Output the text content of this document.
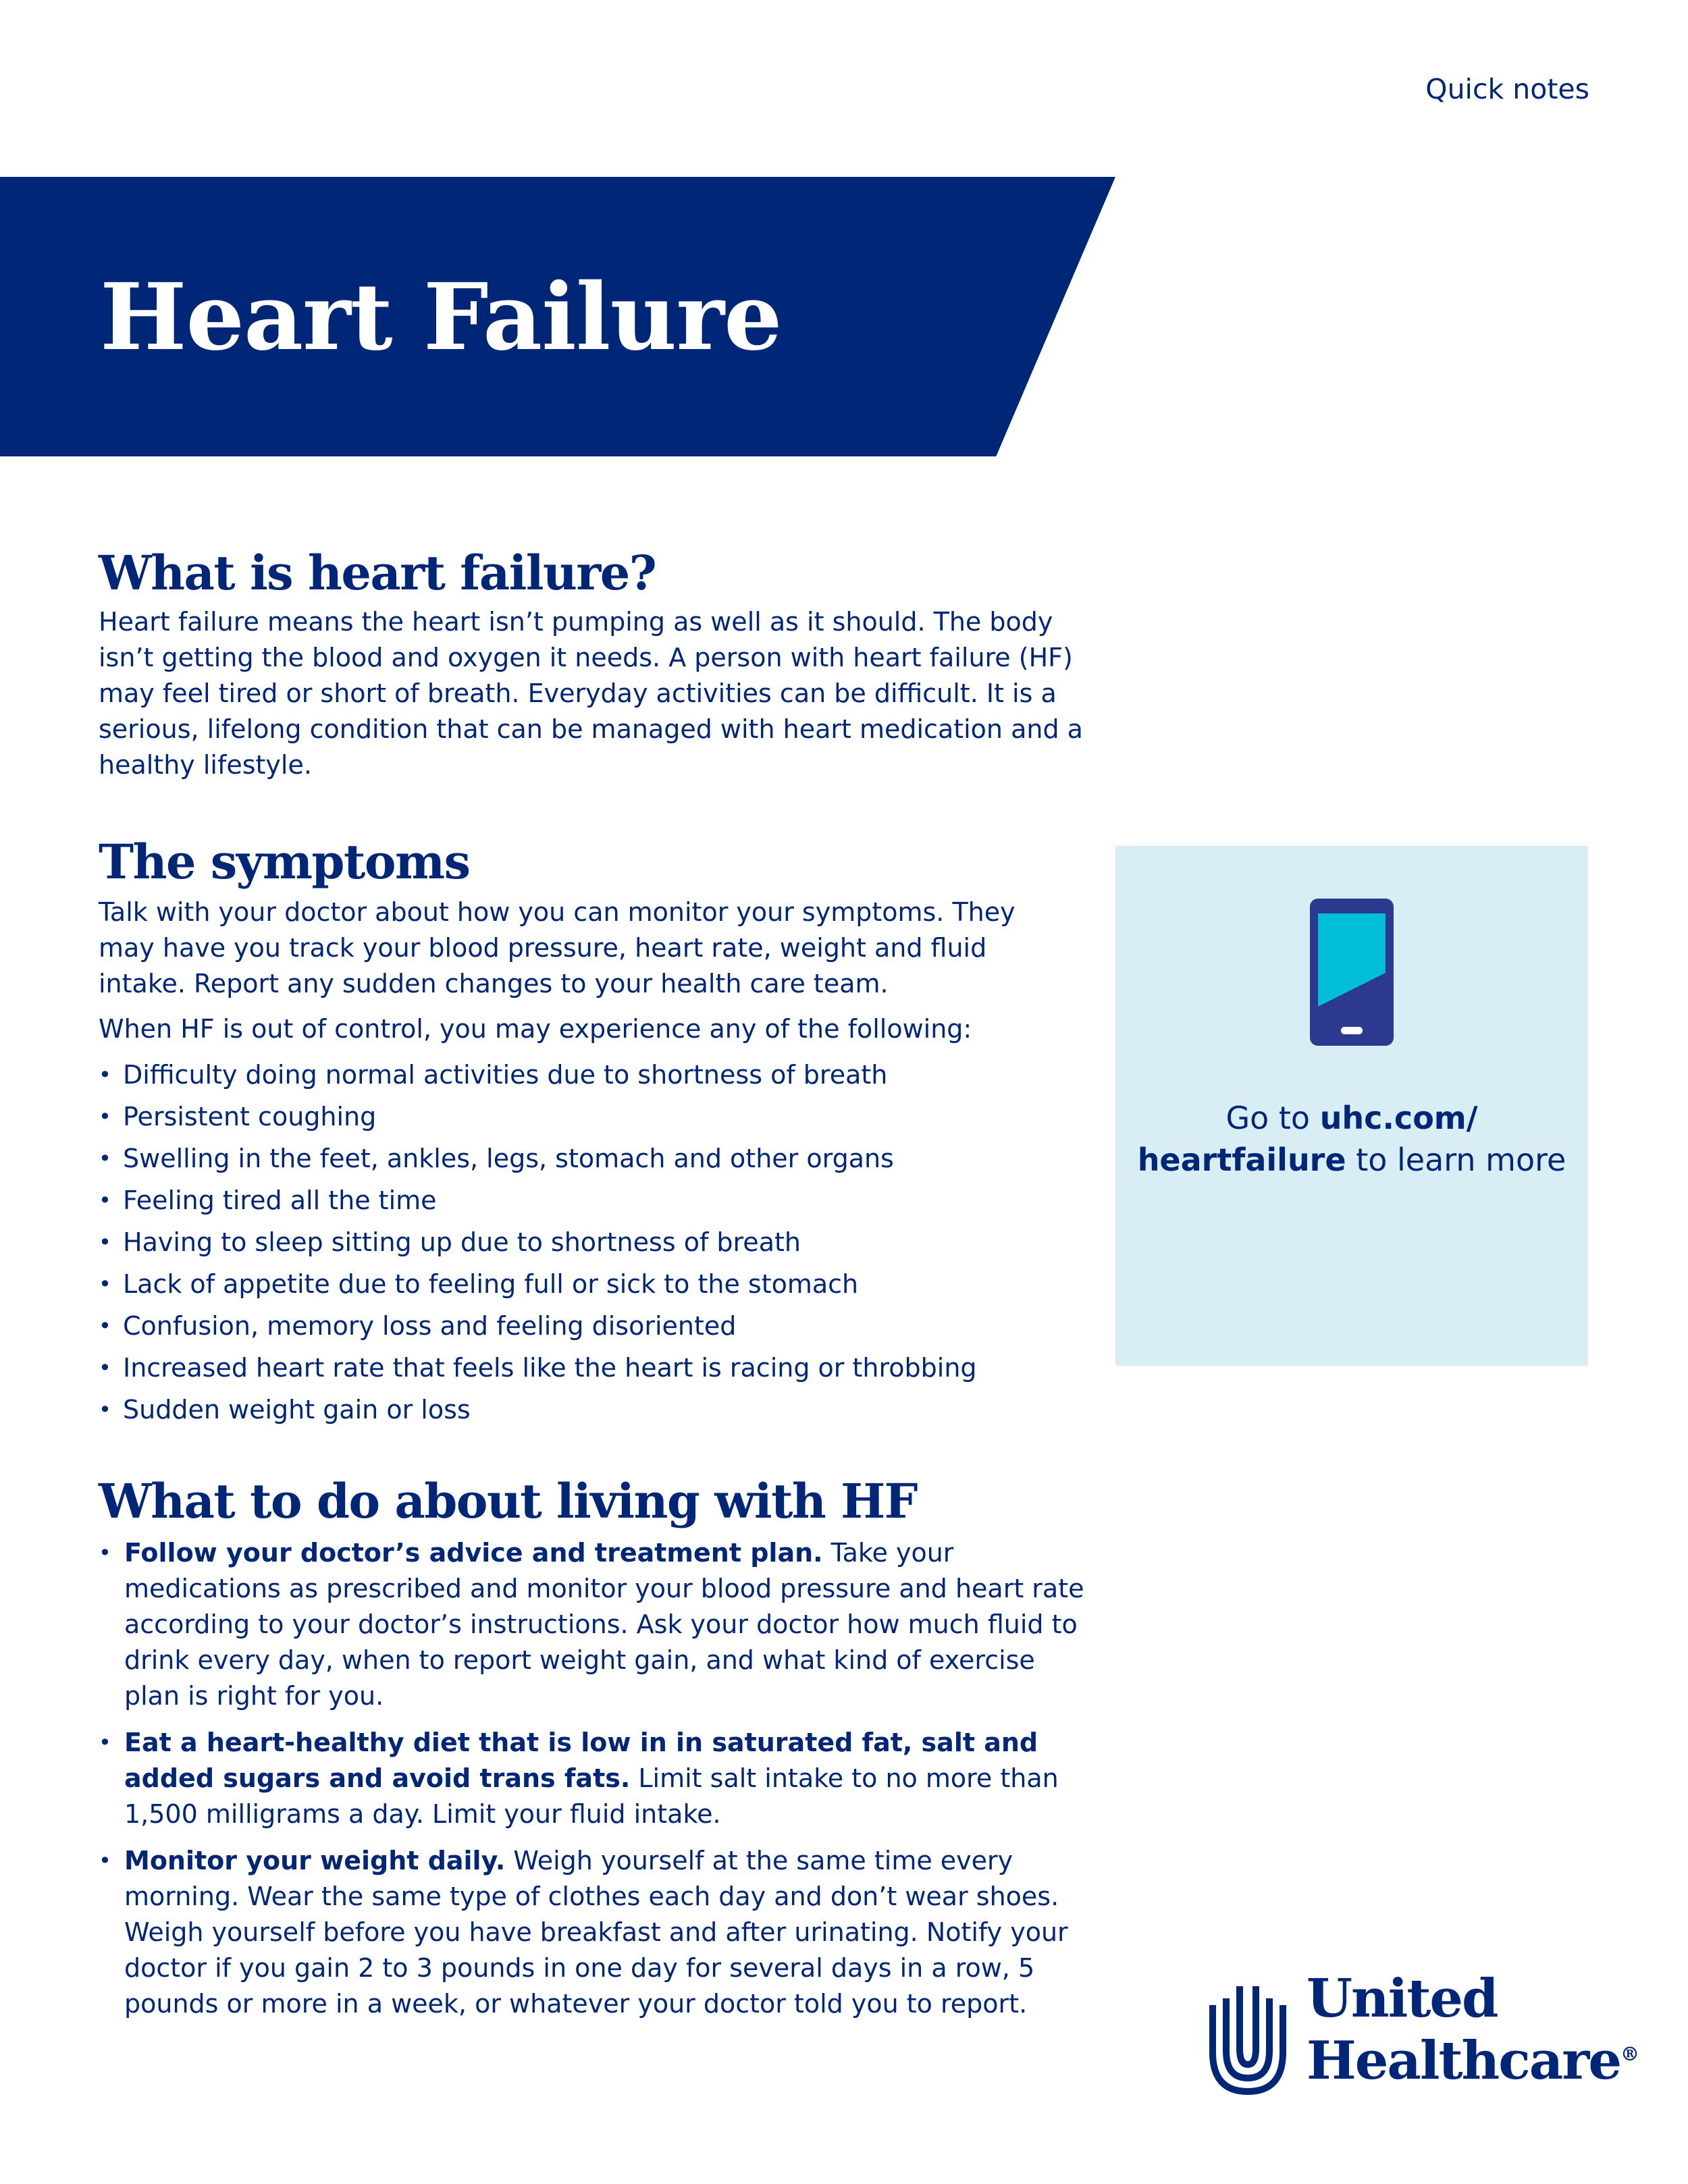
Quick notes
Heart Failure
What is heart failure?

Heart failure means the heart isn’t pumping as well as it should. The body isn’t getting the blood and oxygen it needs. A person with heart failure (HF) may feel tired or short of breath. Everyday activities can be difficult. It is a serious, lifelong condition that can be managed with heart medication and a healthy lifestyle.

The symptoms

Talk with your doctor about how you can monitor your symptoms. They may have you track your blood pressure, heart rate, weight and fluid intake. Report any sudden changes to your health care team.

When HF is out of control, you may experience any of the following:

• Difficulty doing normal activities due to shortness of breath
• Persistent coughing
• Swelling in the feet, ankles, legs, stomach and other organs
• Feeling tired all the time
• Having to sleep sitting up due to shortness of breath
• Lack of appetite due to feeling full or sick to the stomach
• Confusion, memory loss and feeling disoriented
• Increased heart rate that feels like the heart is racing or throbbing
• Sudden weight gain or loss
What to do about living with HF
• Follow your doctor’s advice and treatment plan. Take your medications as prescribed and monitor your blood pressure and heart rate according to your doctor’s instructions. Ask your doctor how much fluid to drink every day, when to report weight gain, and what kind of exercise plan is right for you.
• Eat a heart-healthy diet that is low in in saturated fat, salt and added sugars and avoid trans fats. Limit salt intake to no more than 1,500 milligrams a day. Limit your fluid intake.
• Monitor your weight daily. Weigh yourself at the same time every morning. Wear the same type of clothes each day and don’t wear shoes. Weigh yourself before you have breakfast and after urinating. Notify your doctor if you gain 2 to 3 pounds in one day for several days in a row, 5 pounds or more in a week, or whatever your doctor told you to report.
Go to uhc.com/
heartfailure to learn more
United
Healthcare®
